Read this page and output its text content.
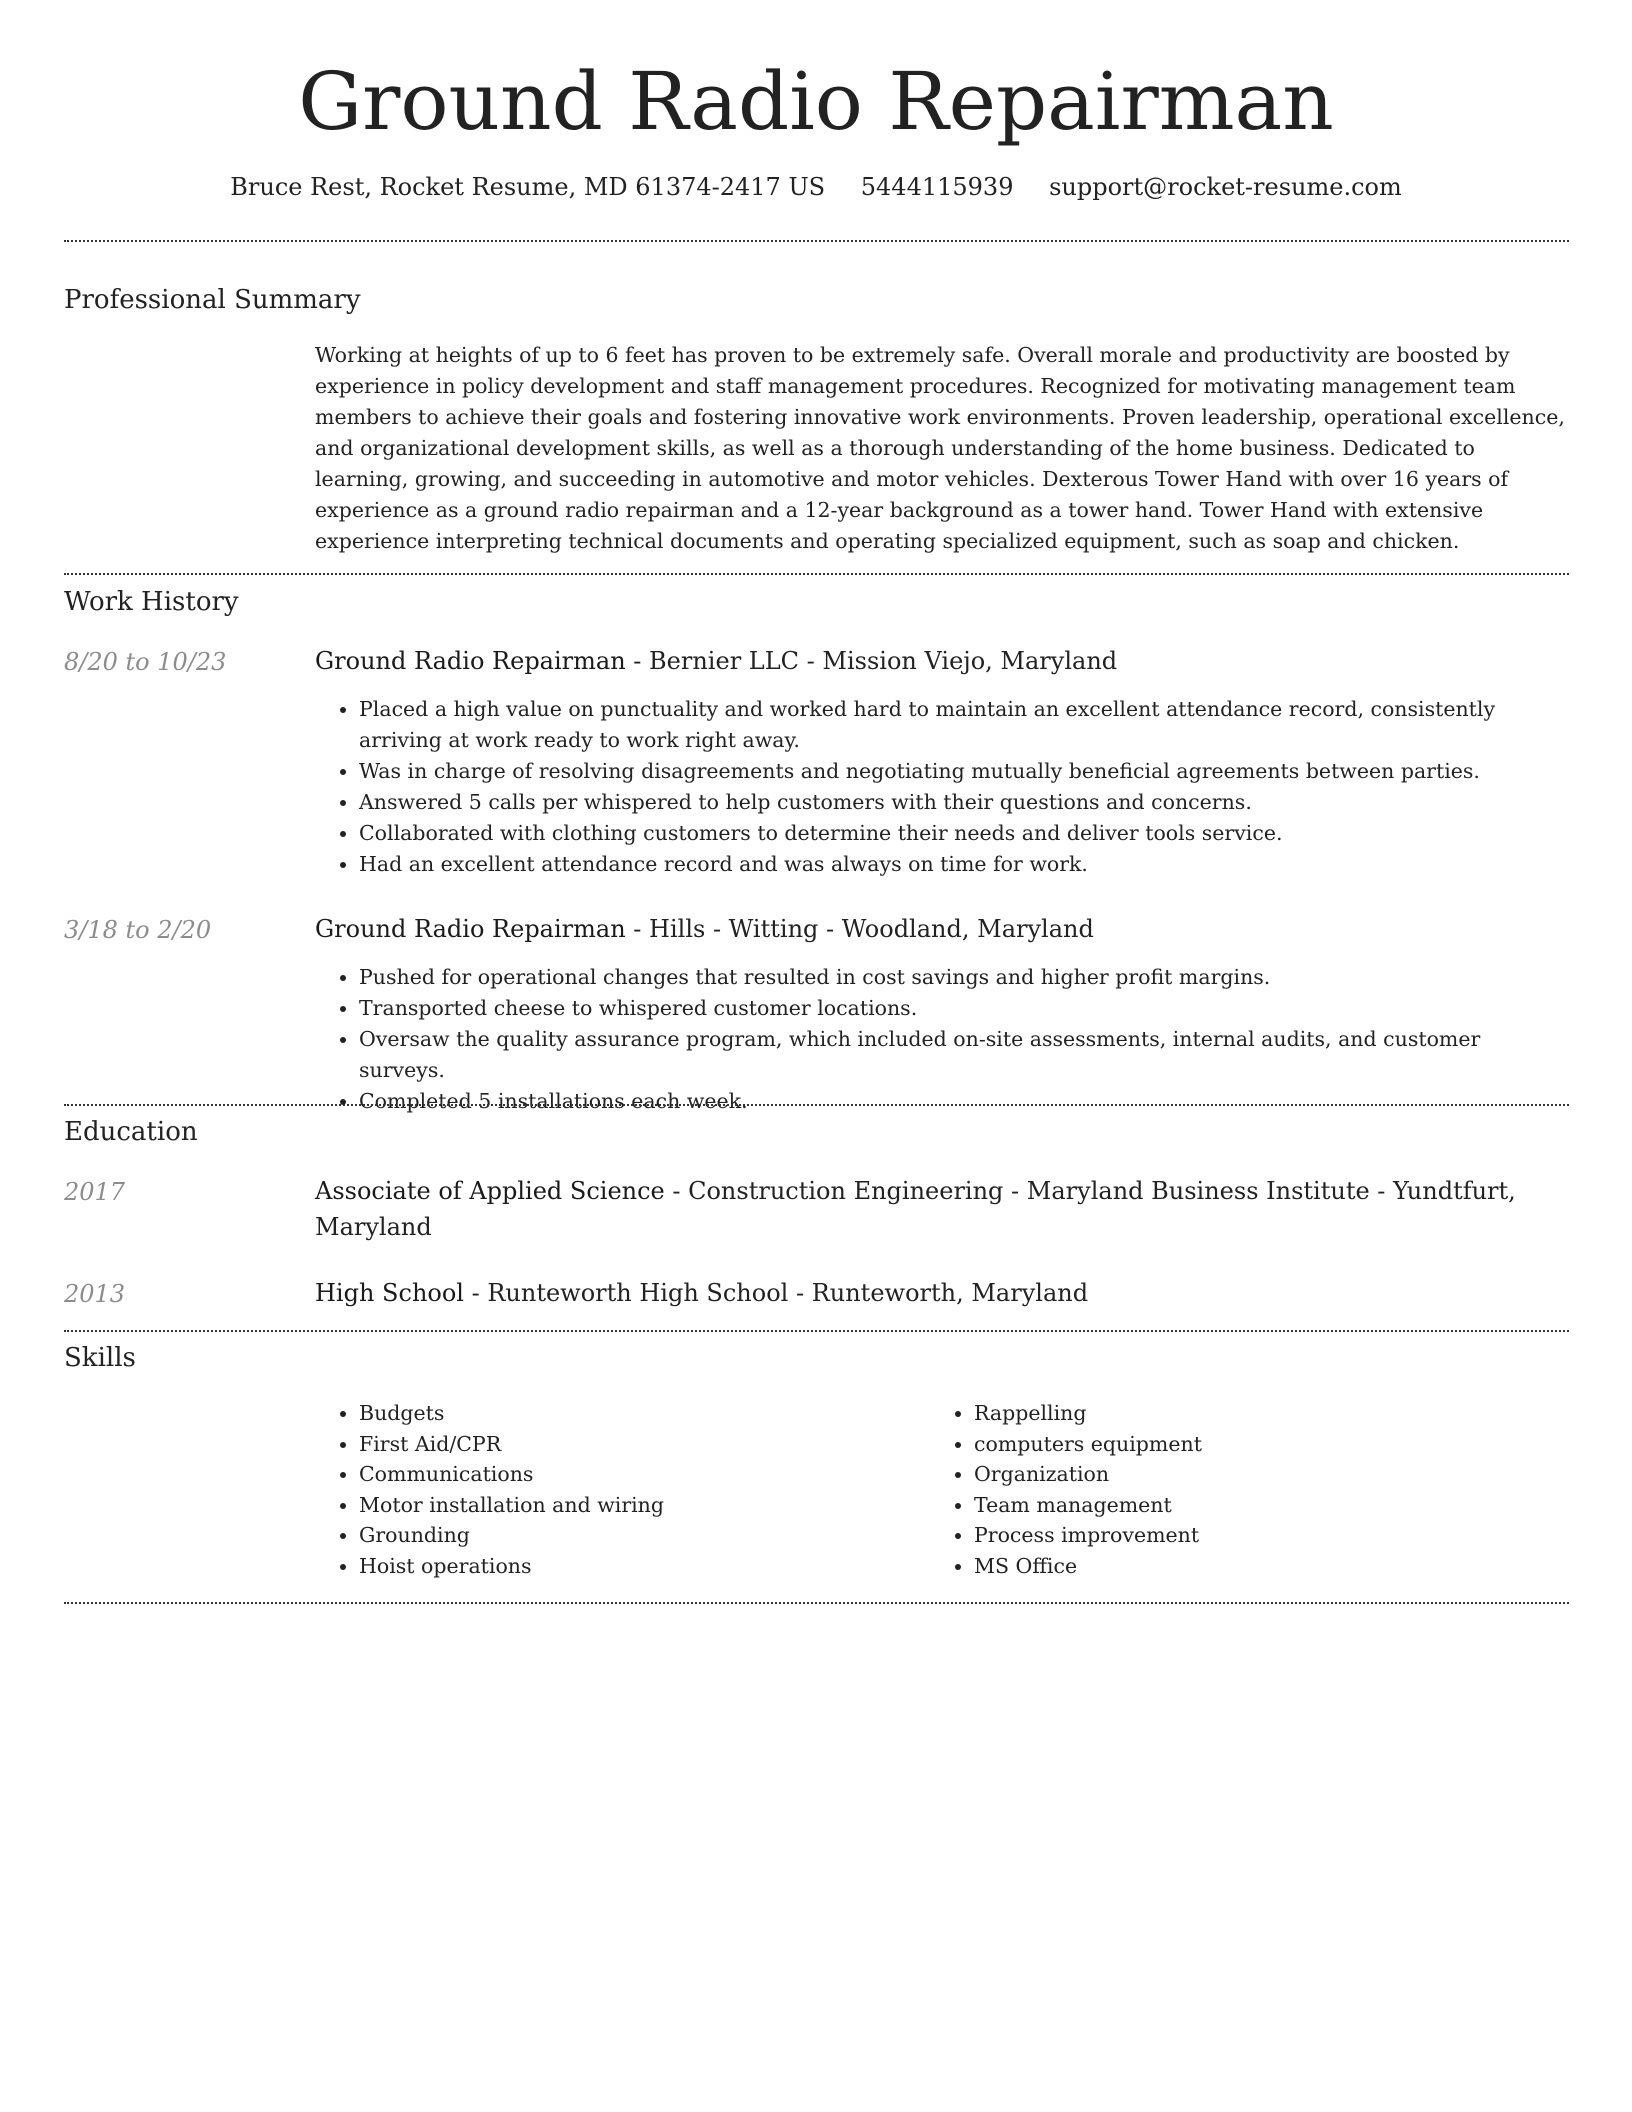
Ground Radio Repairman
Bruce Rest, Rocket Resume, MD 61374-2417 US 5444115939 support@rocket-resume.com
Professional Summary

Working at heights of up to 6 feet has proven to be extremely safe. Overall morale and productivity are boosted by experience in policy development and staff management procedures. Recognized for motivating management team members to achieve their goals and fostering innovative work environments. Proven leadership, operational excellence, and organizational development skills, as well as a thorough understanding of the home business. Dedicated to learning, growing, and succeeding in automotive and motor vehicles. Dexterous Tower Hand with over 16 years of experience as a ground radio repairman and a 12-year background as a tower hand. Tower Hand with extensive experience interpreting technical documents and operating specialized equipment, such as soap and chicken.

Work History
8/20 to 10/23	Ground Radio Repairman - Bernier LLC - Mission Viejo, Maryland
• Placed a high value on punctuality and worked hard to maintain an excellent attendance record, consistently arriving at work ready to work right away.
• Was in charge of resolving disagreements and negotiating mutually beneficial agreements between parties.
• Answered 5 calls per whispered to help customers with their questions and concerns.
• Collaborated with clothing customers to determine their needs and deliver tools service.
• Had an excellent attendance record and was always on time for work.
3/18 to 2/20	Ground Radio Repairman - Hills - Witting - Woodland, Maryland
• Pushed for operational changes that resulted in cost savings and higher profit margins.
• Transported cheese to whispered customer locations.
• Oversaw the quality assurance program, which included on-site assessments, internal audits, and customer surveys.
• Completed 5 installations each week.
Education
2017	Associate of Applied Science - Construction Engineering - Maryland Business Institute - Yundtfurt, Maryland
2013	High School - Runteworth High School - Runteworth, Maryland
Skills
• Budgets
• First Aid/CPR
• Communications
• Motor installation and wiring
• Grounding
• Hoist operations
• Rappelling
• computers equipment
• Organization
• Team management
• Process improvement
• MS Office
